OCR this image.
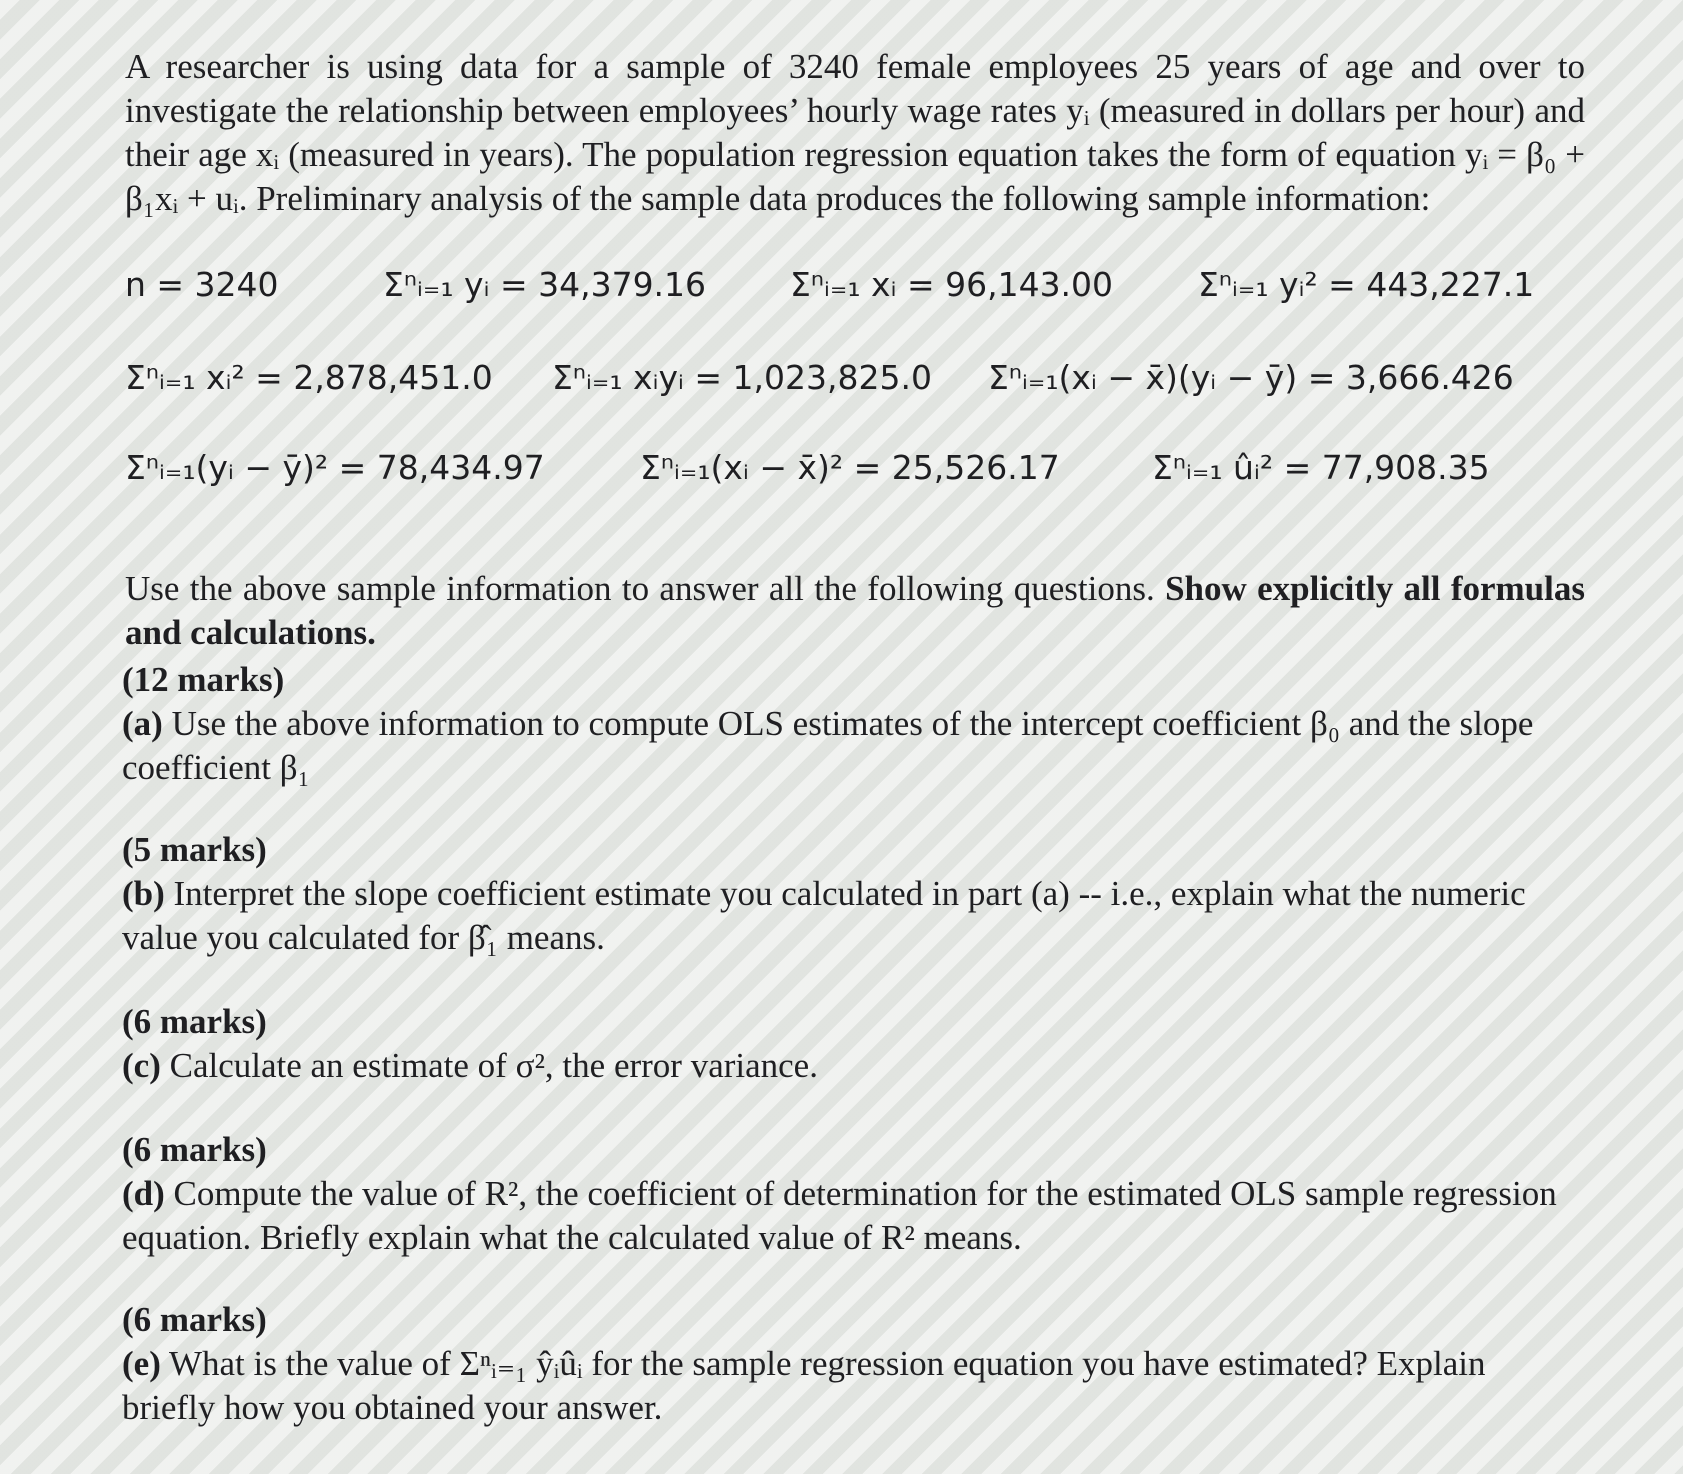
A researcher is using data for a sample of 3240 female employees 25 years of age and over to investigate the relationship between employees’ hourly wage rates yᵢ (measured in dollars per hour) and their age xᵢ (measured in years). The population regression equation takes the form of equation yᵢ = β₀ + β₁xᵢ + uᵢ. Preliminary analysis of the sample data produces the following sample information:

n = 3240	Σⁿᵢ₌₁ yᵢ = 34,379.16	Σⁿᵢ₌₁ xᵢ = 96,143.00	Σⁿᵢ₌₁ yᵢ² = 443,227.1
Σⁿᵢ₌₁ xᵢ² = 2,878,451.0 Σⁿᵢ₌₁ xᵢyᵢ = 1,023,825.0 Σⁿᵢ₌₁(xᵢ − x̄)(yᵢ − ȳ) = 3,666.426
Σⁿᵢ₌₁(yᵢ − ȳ)² = 78,434.97	Σⁿᵢ₌₁(xᵢ − x̄)² = 25,526.17	Σⁿᵢ₌₁ ûᵢ² = 77,908.35

Use the above sample information to answer all the following questions. Show explicitly all formulas and calculations.

(12 marks)
(a) Use the above information to compute OLS estimates of the intercept coefficient β₀ and the slope coefficient β₁
(5 marks)
(b) Interpret the slope coefficient estimate you calculated in part (a) -- i.e., explain what the numeric value you calculated for β̂₁ means.
(6 marks)
(c) Calculate an estimate of σ², the error variance.
(6 marks)
(d) Compute the value of R², the coefficient of determination for the estimated OLS sample regression equation. Briefly explain what the calculated value of R² means.
(6 marks)
(e) What is the value of Σⁿᵢ₌₁ ŷᵢûᵢ for the sample regression equation you have estimated? Explain briefly how you obtained your answer.
